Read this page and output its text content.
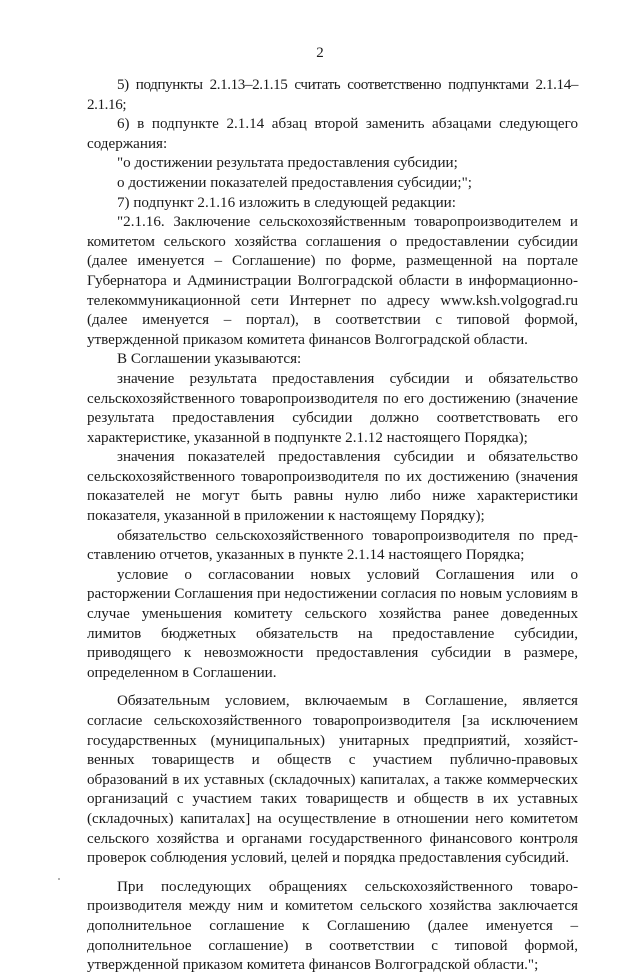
2

5) подпункты 2.1.13–2.1.15 считать соответственно подпунктами 2.1.14–2.1.16;

6) в подпункте 2.1.14 абзац второй заменить абзацами следующего содержания:

"о достижении результата предоставления субсидии;

о достижении показателей предоставления субсидии;";

7) подпункт 2.1.16 изложить в следующей редакции:

"2.1.16. Заключение сельскохозяйственным товаропроизводителем и комитетом сельского хозяйства соглашения о предоставлении субсидии (далее именуется – Соглашение) по форме, размещенной на портале Губернатора и Администрации Волгоградской области в информационно-телекоммуникационной сети Интернет по адресу www.ksh.volgograd.ru (далее именуется – портал), в соответствии с типовой формой, утвержденной приказом комитета финансов Волгоградской области.

В Соглашении указываются:

значение результата предоставления субсидии и обязательство сельскохозяйственного товаропроизводителя по его достижению (значение результата предоставления субсидии должно соответствовать его характеристике, указанной в подпункте 2.1.12 настоящего Порядка);

значения показателей предоставления субсидии и обязательство сельскохозяйственного товаропроизводителя по их достижению (значения показателей не могут быть равны нулю либо ниже характеристики показателя, указанной в приложении к настоящему Порядку);

обязательство сельскохозяйственного товаропроизводителя по представлению отчетов, указанных в пункте 2.1.14 настоящего Порядка;

условие о согласовании новых условий Соглашения или о расторжении Соглашения при недостижении согласия по новым условиям в случае уменьшения комитету сельского хозяйства ранее доведенных лимитов бюджетных обязательств на предоставление субсидии, приводящего к невозможности предоставления субсидии в размере, определенном в Соглашении.

Обязательным условием, включаемым в Соглашение, является согласие сельскохозяйственного товаропроизводителя [за исключением государственных (муниципальных) унитарных предприятий, хозяйственных товариществ и обществ с участием публично-правовых образований в их уставных (складочных) капиталах, а также коммерческих организаций с участием таких товариществ и обществ в их уставных (складочных) капиталах] на осуществление в отношении него комитетом сельского хозяйства и органами государственного финансового контроля проверок соблюдения условий, целей и порядка предоставления субсидий.

При последующих обращениях сельскохозяйственного товаропроизводителя между ним и комитетом сельского хозяйства заключается дополнительное соглашение к Соглашению (далее именуется – дополнительное соглашение) в соответствии с типовой формой, утвержденной приказом комитета финансов Волгоградской области.";
